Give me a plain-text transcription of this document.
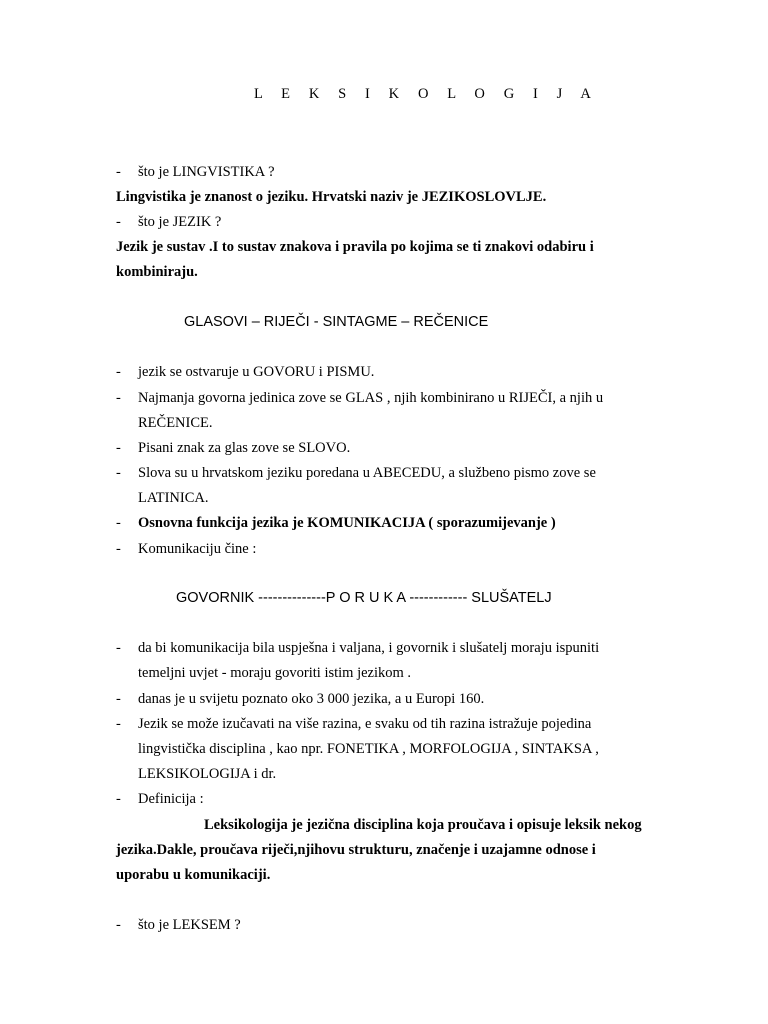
L E K S I K O L O G I J A
- što je LINGVISTIKA ?
Lingvistika je znanost o jeziku. Hrvatski naziv je JEZIKOSLOVLJE.
- što je JEZIK ?
Jezik je sustav .I to sustav znakova i pravila po kojima se ti znakovi odabiru i
kombiniraju.
GLASOVI – RIJEČI - SINTAGME – REČENICE
- jezik se ostvaruje u GOVORU i PISMU.
- Najmanja govorna jedinica zove se GLAS , njih kombinirano u RIJEČI, a njih u
REČENICE.
- Pisani znak za glas zove se SLOVO.
- Slova su u hrvatskom jeziku poredana u ABECEDU, a službeno pismo zove se
LATINICA.
- Osnovna funkcija jezika je KOMUNIKACIJA ( sporazumijevanje )
- Komunikaciju čine :
GOVORNIK --------------P O R U K A ------------ SLUŠATELJ
- da bi komunikacija bila uspješna i valjana, i govornik i slušatelj moraju ispuniti
temeljni uvjet - moraju govoriti istim jezikom .
- danas je u svijetu poznato oko 3 000 jezika, a u Europi 160.
- Jezik se može izučavati na više razina, e svaku od tih razina istražuje pojedina
lingvistička disciplina , kao npr. FONETIKA , MORFOLOGIJA , SINTAKSA ,
LEKSIKOLOGIJA i dr.
- Definicija :
Leksikologija je jezična disciplina koja proučava i opisuje leksik nekog
jezika.Dakle, proučava riječi,njihovu strukturu, značenje i uzajamne odnose i
uporabu u komunikaciji.
- što je LEKSEM ?
